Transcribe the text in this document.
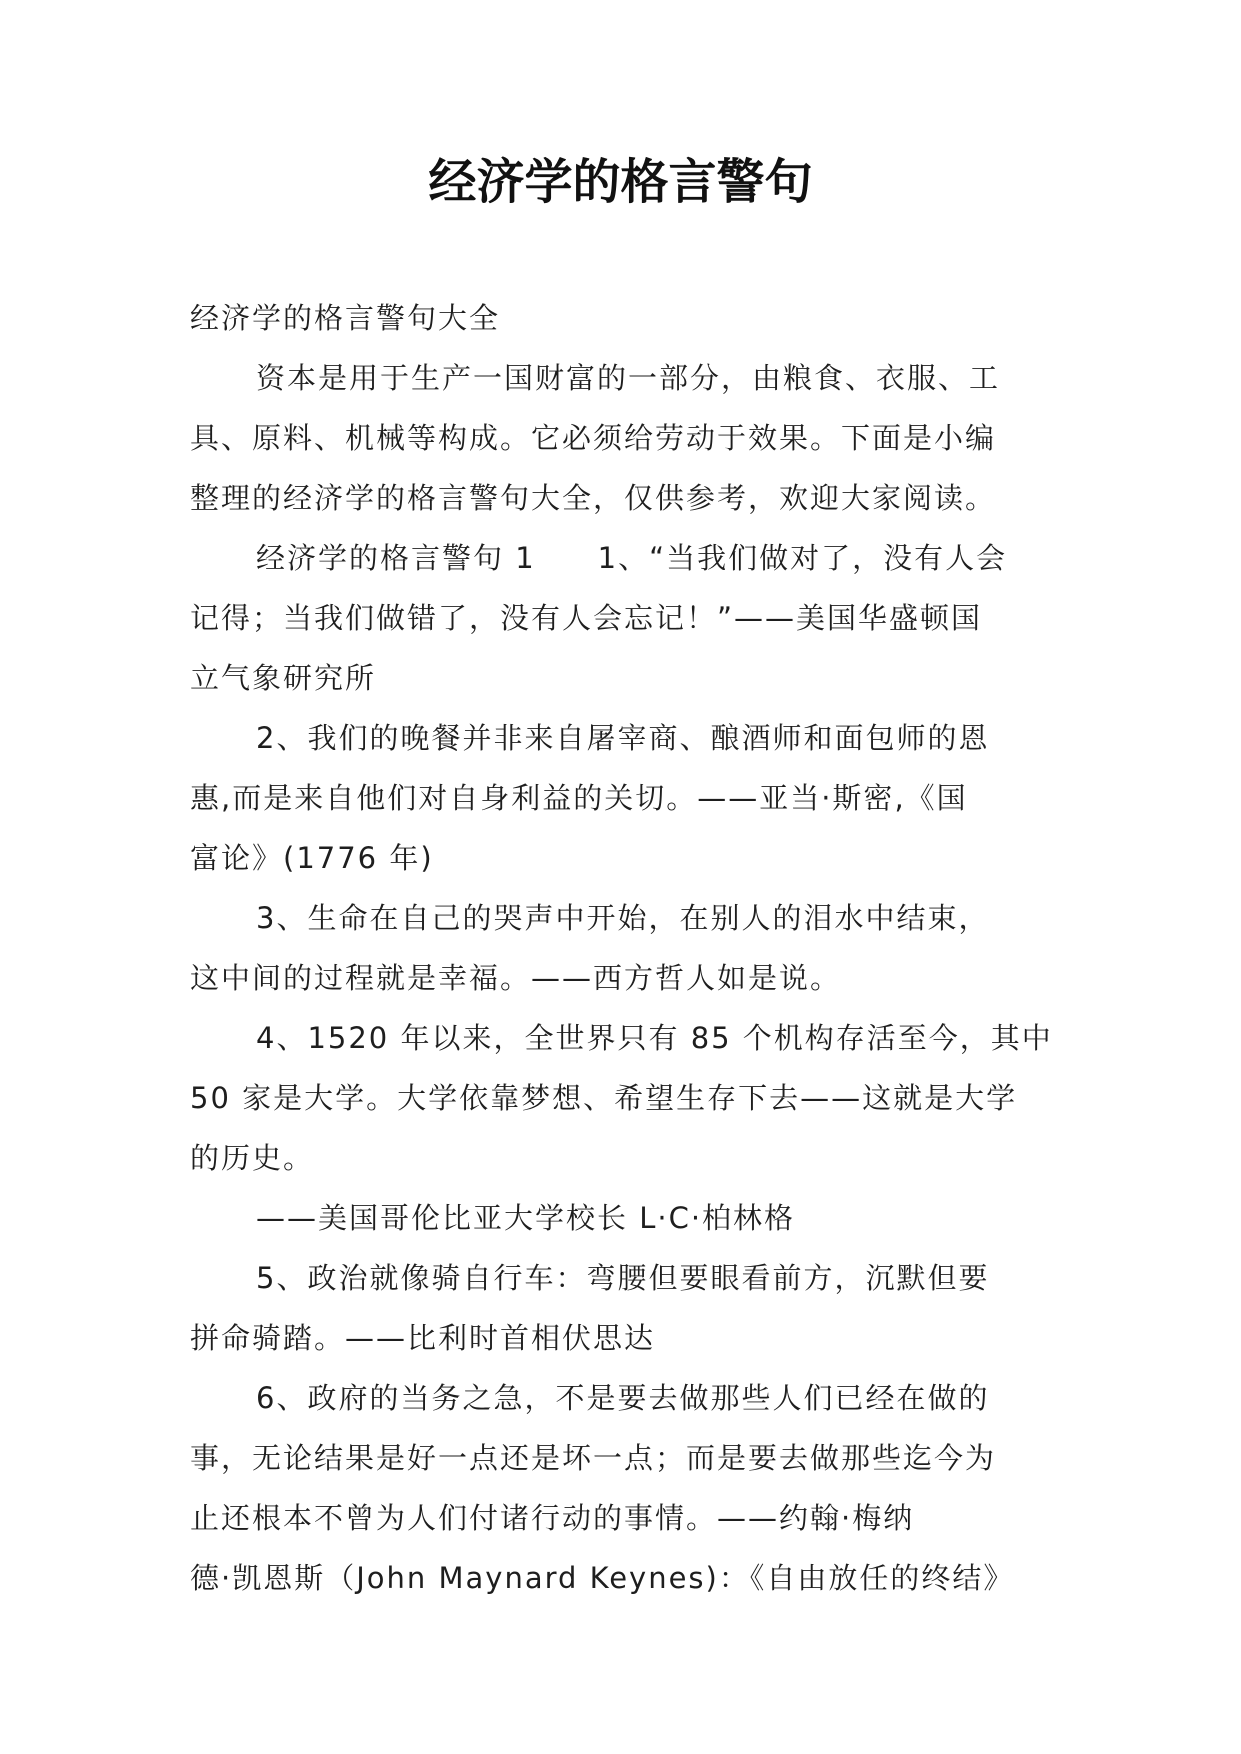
经济学的格言警句
经济学的格言警句大全
资本是用于生产一国财富的一部分，由粮食、衣服、工
具、原料、机械等构成。它必须给劳动于效果。下面是小编
整理的经济学的格言警句大全，仅供参考，欢迎大家阅读。
经济学的格言警句 1　　1、“当我们做对了，没有人会
记得；当我们做错了，没有人会忘记！”——美国华盛顿国
立气象研究所
2、我们的晚餐并非来自屠宰商、酿酒师和面包师的恩
惠,而是来自他们对自身利益的关切。——亚当·斯密,《国
富论》(1776 年)
3、生命在自己的哭声中开始，在别人的泪水中结束，
这中间的过程就是幸福。——西方哲人如是说。
4、1520 年以来，全世界只有 85 个机构存活至今，其中
50 家是大学。大学依靠梦想、希望生存下去——这就是大学
的历史。
——美国哥伦比亚大学校长 L·C·柏林格
5、政治就像骑自行车：弯腰但要眼看前方，沉默但要
拼命骑踏。——比利时首相伏思达
6、政府的当务之急，不是要去做那些人们已经在做的
事，无论结果是好一点还是坏一点；而是要去做那些迄今为
止还根本不曾为人们付诸行动的事情。——约翰·梅纳
德·凯恩斯（John Maynard Keynes)：《自由放任的终结》
